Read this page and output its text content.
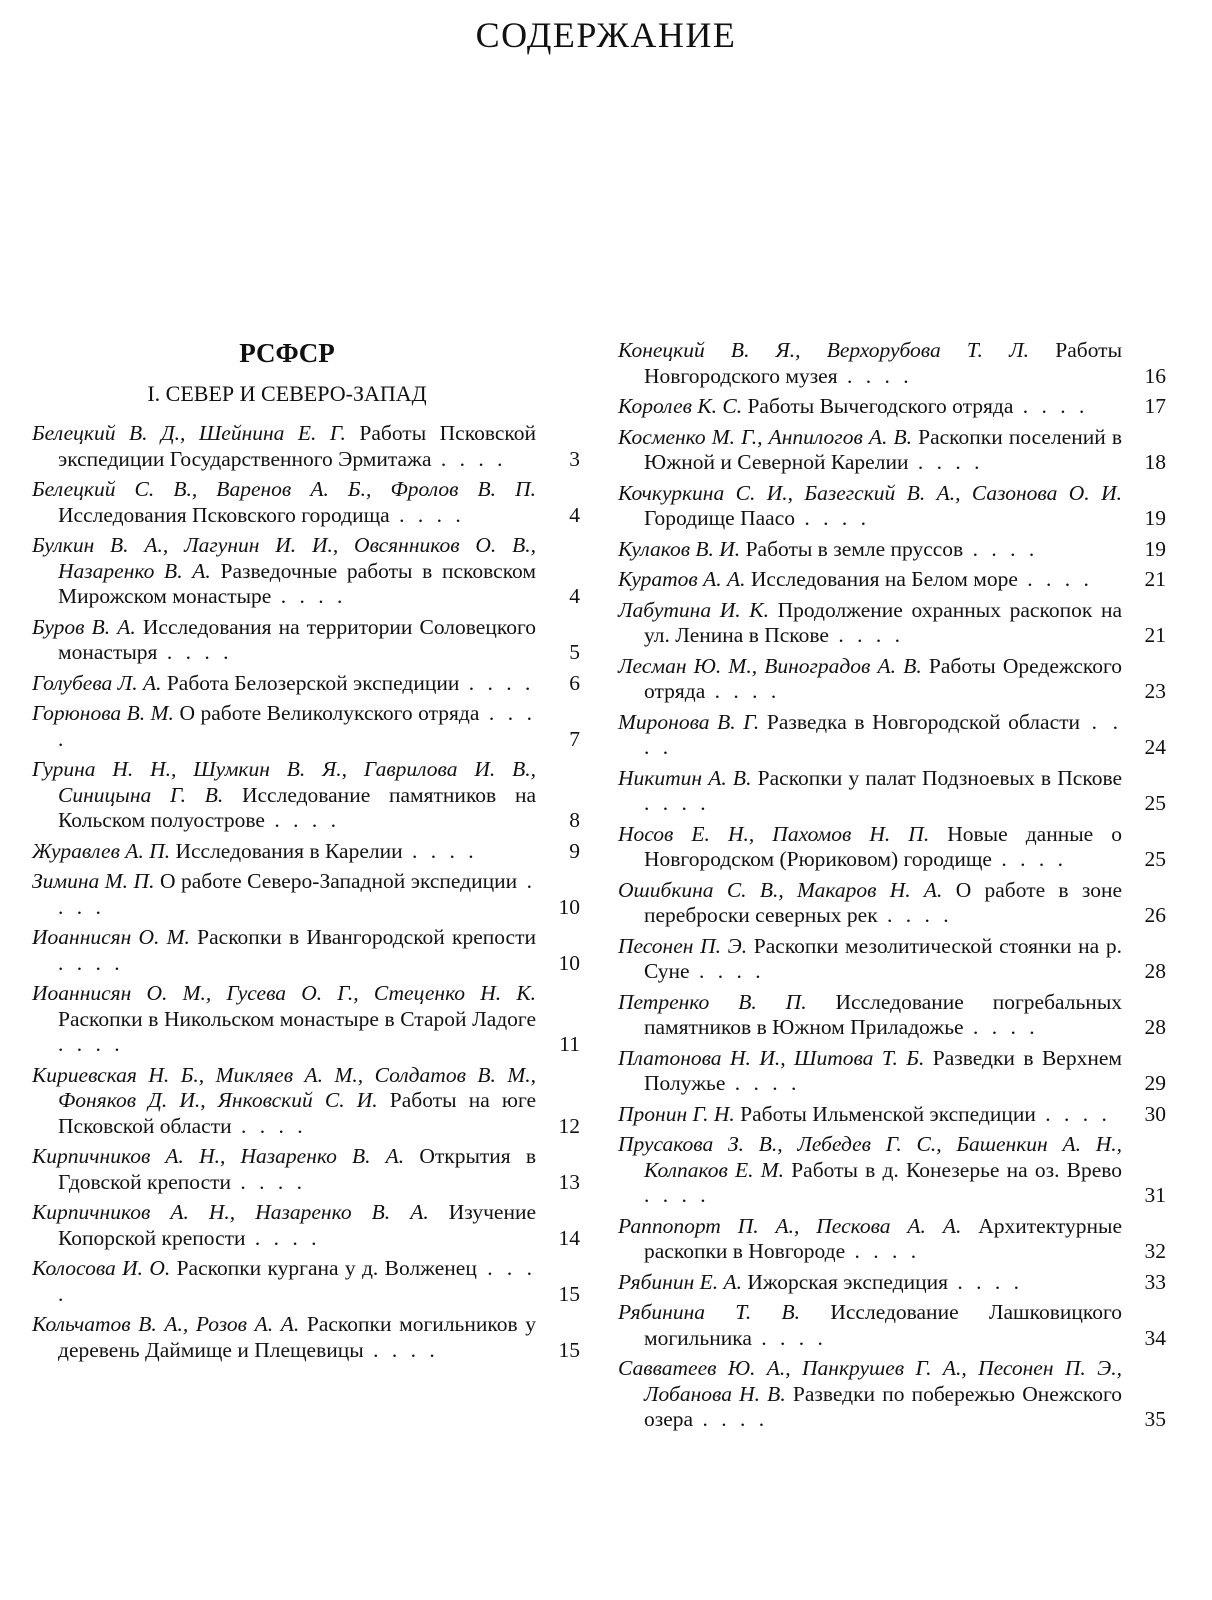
СОДЕРЖАНИЕ
РСФСР
I. СЕВЕР И СЕВЕРО-ЗАПАД
Белецкий В. Д., Шейнина Е. Г. Работы Псковской экспедиции Государственного Эрмитажа . . . .	3
Белецкий С. В., Варенов А. Б., Фролов В. П. Исследования Псковского городища . . . .	4
Булкин В. А., Лагунин И. И., Овсянников О. В., Назаренко В. А. Разведочные работы в псковском Мирожском монастыре . . . .	4
Буров В. А. Исследования на территории Соловецкого монастыря . . . .	5
Голубева Л. А. Работа Белозерской экспедиции . . . .	6
Горюнова В. М. О работе Великолукского отряда . . . .	7
Гурина Н. Н., Шумкин В. Я., Гаврилова И. В., Синицына Г. В. Исследование памятников на Кольском полуострове . . . .	8
Журавлев А. П. Исследования в Карелии . . . .	9
Зимина М. П. О работе Северо-Западной экспедиции . . . .	10
Иоаннисян О. М. Раскопки в Ивангородской крепости . . . .	10
Иоаннисян О. М., Гусева О. Г., Стеценко Н. К. Раскопки в Никольском монастыре в Старой Ладоге . . . .	11
Кириевская Н. Б., Микляев А. М., Солдатов В. М., Фоняков Д. И., Янковский С. И. Работы на юге Псковской области . . . .	12
Кирпичников А. Н., Назаренко В. А. Открытия в Гдовской крепости . . . .	13
Кирпичников А. Н., Назаренко В. А. Изучение Копорской крепости . . . .	14
Колосова И. О. Раскопки кургана у д. Волженец . . . .	15
Кольчатов В. А., Розов А. А. Раскопки могильников у деревень Даймище и Плещевицы . . . .	15
Конецкий В. Я., Верхорубова Т. Л. Работы Новгородского музея . . . .	16
Королев К. С. Работы Вычегодского отряда . . . .	17
Косменко М. Г., Анпилогов А. В. Раскопки поселений в Южной и Северной Карелии . . . .	18
Кочкуркина С. И., Базегский В. А., Сазонова О. И. Городище Паасо . . . .	19
Кулаков В. И. Работы в земле пруссов . . . .	19
Куратов А. А. Исследования на Белом море . . . .	21
Лабутина И. К. Продолжение охранных раскопок на ул. Ленина в Пскове . . . .	21
Лесман Ю. М., Виноградов А. В. Работы Оредежского отряда . . . .	23
Миронова В. Г. Разведка в Новгородской области . . . .	24
Никитин А. В. Раскопки у палат Подзноевых в Пскове . . . .	25
Носов Е. Н., Пахомов Н. П. Новые данные о Новгородском (Рюриковом) городище . . . .	25
Ошибкина С. В., Макаров Н. А. О работе в зоне переброски северных рек . . . .	26
Песонен П. Э. Раскопки мезолитической стоянки на р. Суне . . . .	28
Петренко В. П. Исследование погребальных памятников в Южном Приладожье . . . .	28
Платонова Н. И., Шитова Т. Б. Разведки в Верхнем Полужье . . . .	29
Пронин Г. Н. Работы Ильменской экспедиции . . . .	30
Прусакова З. В., Лебедев Г. С., Башенкин А. Н., Колпаков Е. М. Работы в д. Конезерье на оз. Врево . . . .	31
Раппопорт П. А., Пескова А. А. Архитектурные раскопки в Новгороде . . . .	32
Рябинин Е. А. Ижорская экспедиция . . . .	33
Рябинина Т. В. Исследование Лашковицкого могильника . . . .	34
Савватеев Ю. А., Панкрушев Г. А., Песонен П. Э., Лобанова Н. В. Разведки по побережью Онежского озера . . . .	35
